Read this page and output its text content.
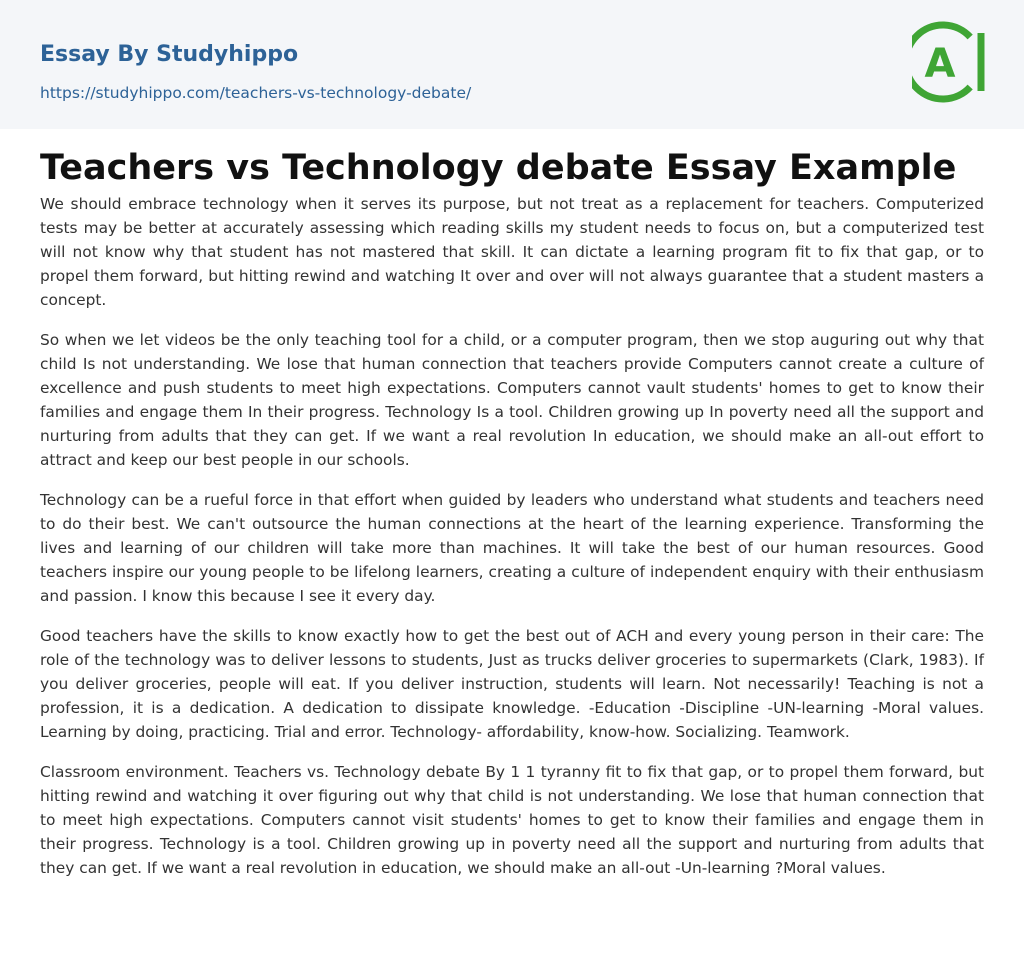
Essay By Studyhippo
https://studyhippo.com/teachers-vs-technology-debate/
A
Teachers vs Technology debate Essay Example

We should embrace technology when it serves its purpose, but not treat as a replacement for teachers. Computerized tests may be better at accurately assessing which reading skills my student needs to focus on, but a computerized test will not know why that student has not mastered that skill. It can dictate a learning program fit to fix that gap, or to propel them forward, but hitting rewind and watching It over and over will not always guarantee that a student masters a concept.

So when we let videos be the only teaching tool for a child, or a computer program, then we stop auguring out why that child Is not understanding. We lose that human connection that teachers provide Computers cannot create a culture of excellence and push students to meet high expectations. Computers cannot vault students' homes to get to know their families and engage them In their progress. Technology Is a tool. Children growing up In poverty need all the support and nurturing from adults that they can get. If we want a real revolution In education, we should make an all-out effort to attract and keep our best people in our schools.

Technology can be a rueful force in that effort when guided by leaders who understand what students and teachers need to do their best. We can't outsource the human connections at the heart of the learning experience. Transforming the lives and learning of our children will take more than machines. It will take the best of our human resources. Good teachers inspire our young people to be lifelong learners, creating a culture of independent enquiry with their enthusiasm and passion. I know this because I see it every day.

Good teachers have the skills to know exactly how to get the best out of ACH and every young person in their care: The role of the technology was to deliver lessons to students, Just as trucks deliver groceries to supermarkets (Clark, 1983). If you deliver groceries, people will eat. If you deliver instruction, students will learn. Not necessarily! Teaching is not a profession, it is a dedication. A dedication to dissipate knowledge. -Education -Discipline -UN-learning -Moral values. Learning by doing, practicing. Trial and error. Technology- affordability, know-how. Socializing. Teamwork.

Classroom environment. Teachers vs. Technology debate By 1 1 tyranny fit to fix that gap, or to propel them forward, but hitting rewind and watching it over figuring out why that child is not understanding. We lose that human connection that to meet high expectations. Computers cannot visit students' homes to get to know their families and engage them in their progress. Technology is a tool. Children growing up in poverty need all the support and nurturing from adults that they can get. If we want a real revolution in education, we should make an all-out -Un-learning ?Moral values.
